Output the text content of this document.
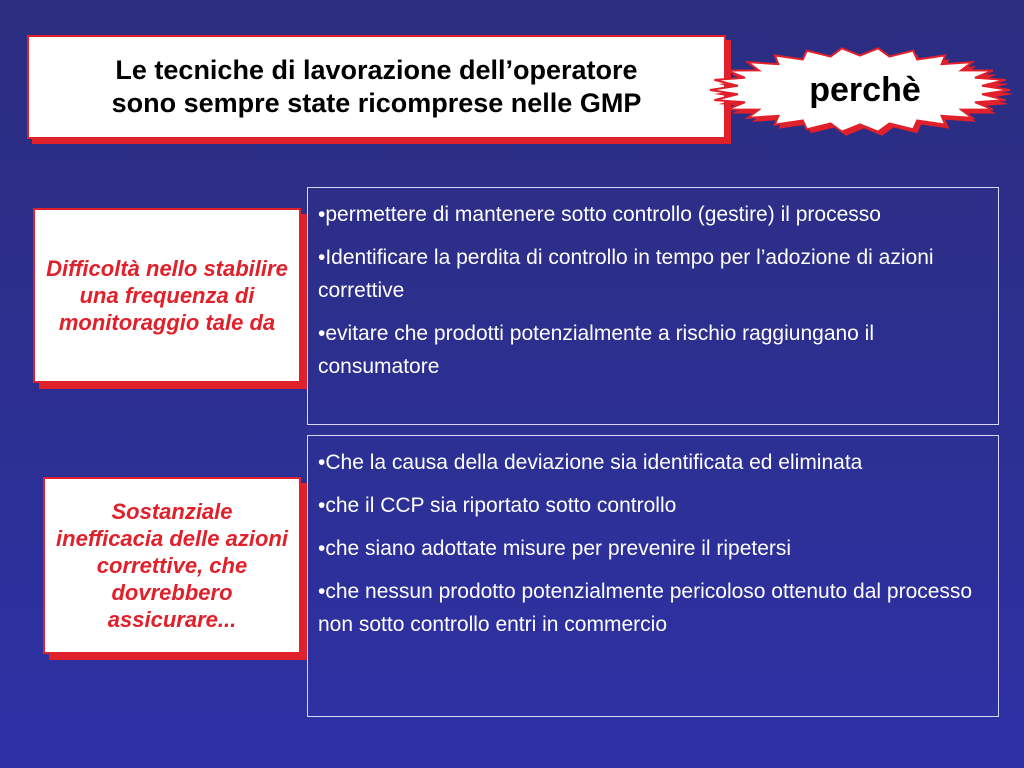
Le tecniche di lavorazione dell’operatore
sono sempre state ricomprese nelle GMP	perchè
Difficoltà nello stabilire una frequenza di monitoraggio tale da

•permettere di mantenere sotto controllo (gestire) il processo

•Identificare la perdita di controllo in tempo per l’adozione di azioni correttive

•evitare che prodotti potenzialmente a rischio raggiungano il consumatore

Sostanziale inefficacia delle azioni correttive, che dovrebbero assicurare...

•Che la causa della deviazione sia identificata ed eliminata

•che il CCP sia riportato sotto controllo

•che siano adottate misure per prevenire il ripetersi

•che nessun prodotto potenzialmente pericoloso ottenuto dal processo non sotto controllo entri in commercio
